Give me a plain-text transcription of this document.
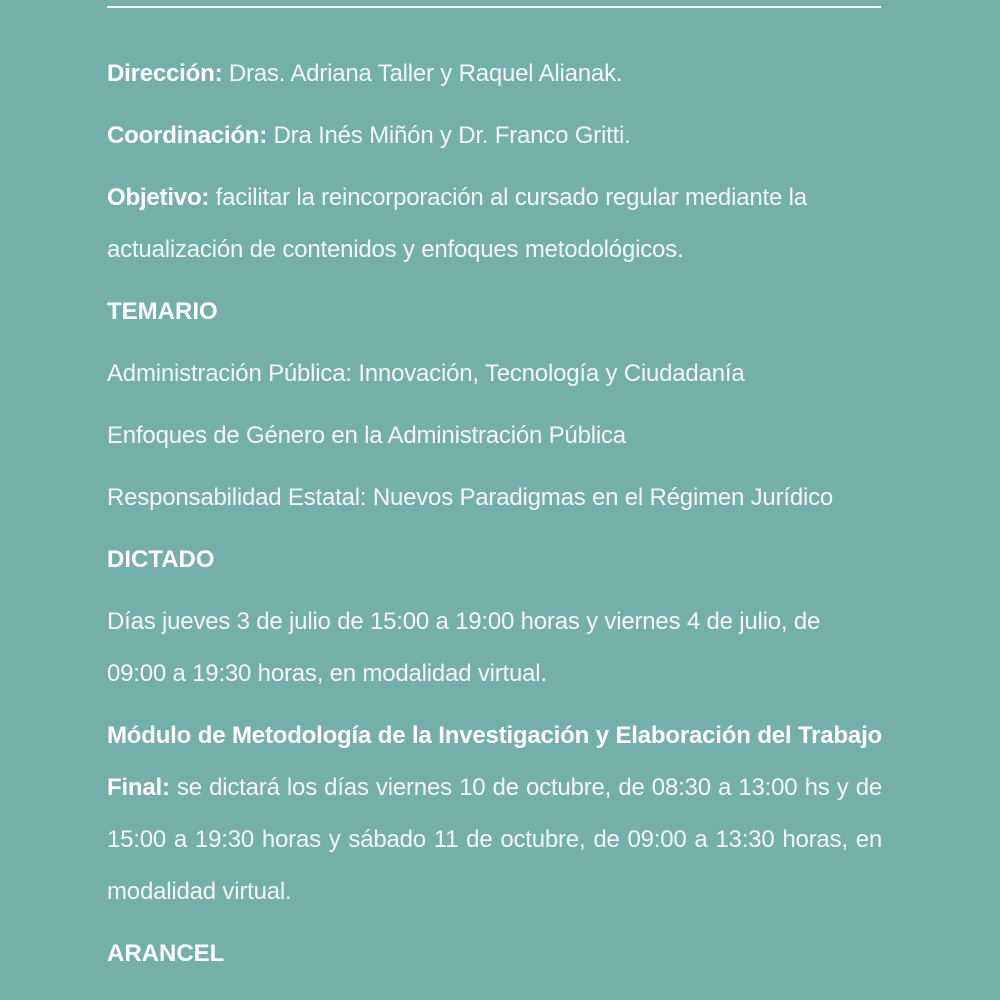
Dirección: Dras. Adriana Taller y Raquel Alianak.

Coordinación: Dra Inés Miñón y Dr. Franco Gritti.

Objetivo: facilitar la reincorporación al cursado regular mediante la actualización de contenidos y enfoques metodológicos.

TEMARIO

Administración Pública: Innovación, Tecnología y Ciudadanía

Enfoques de Género en la Administración Pública

Responsabilidad Estatal: Nuevos Paradigmas en el Régimen Jurídico

DICTADO

Días jueves 3 de julio de 15:00 a 19:00 horas y viernes 4 de julio, de 09:00 a 19:30 horas, en modalidad virtual.

Módulo de Metodología de la Investigación y Elaboración del Trabajo Final: se dictará los días viernes 10 de octubre, de 08:30 a 13:00 hs y de 15:00 a 19:30 horas y sábado 11 de octubre, de 09:00 a 13:30 horas, en modalidad virtual.

ARANCEL
